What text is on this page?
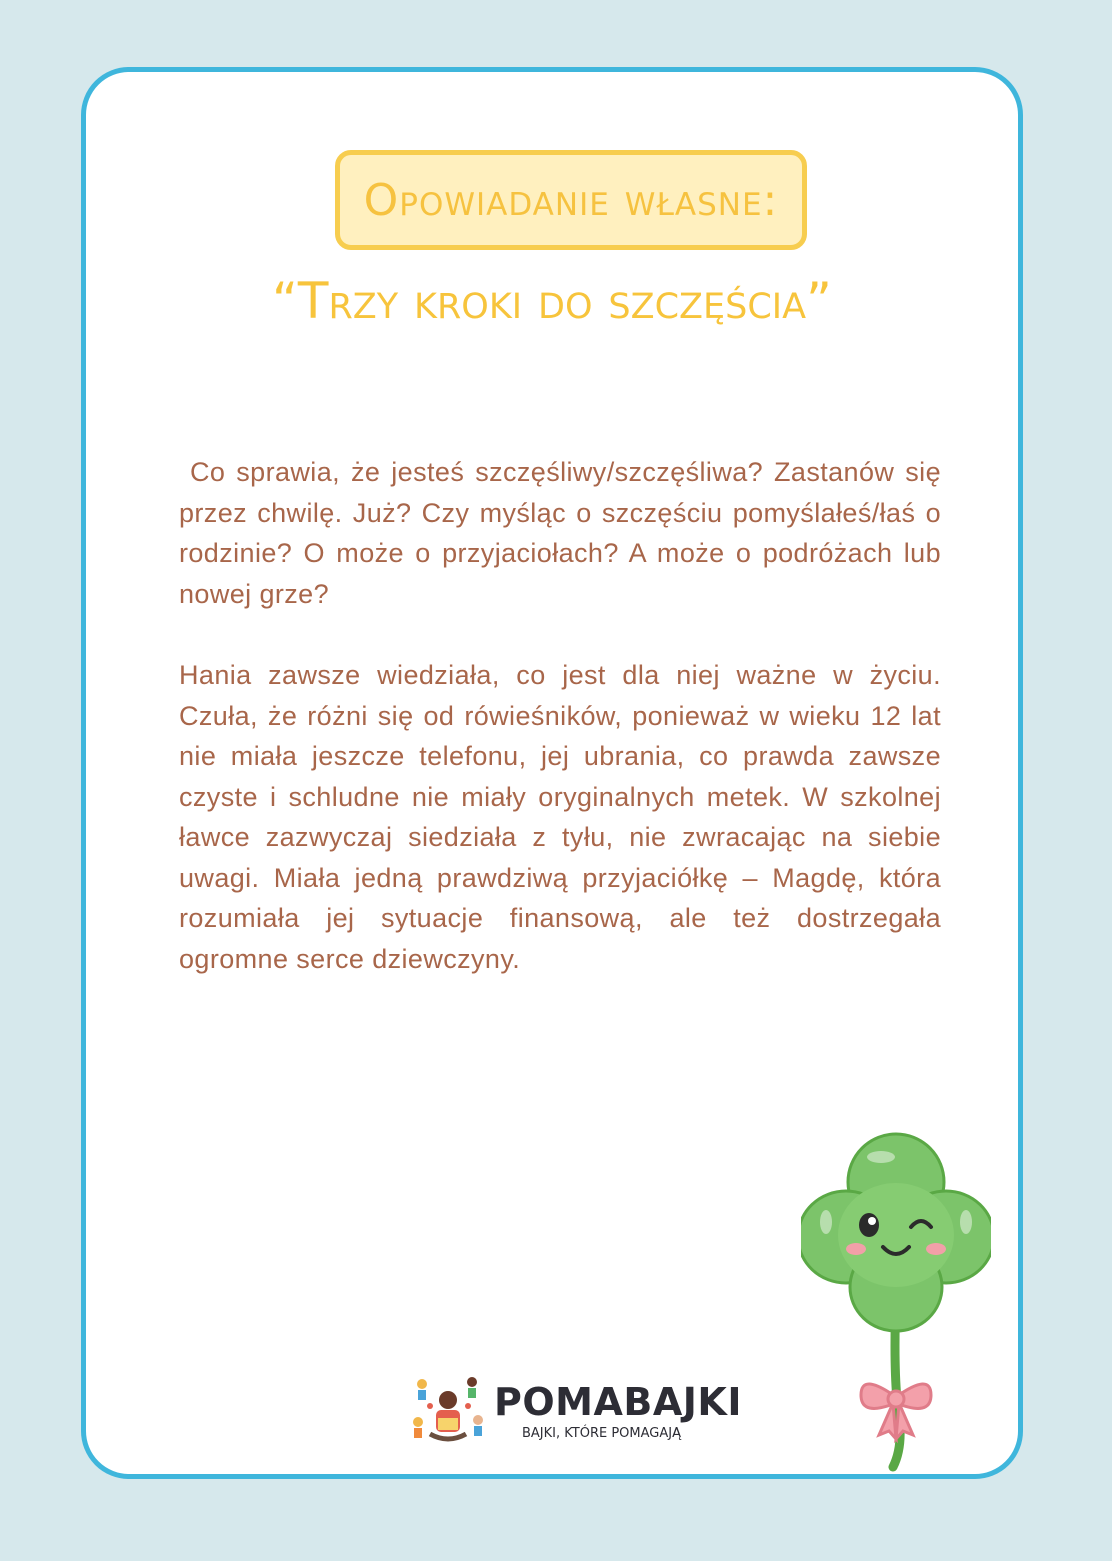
Opowiadanie własne:
“Trzy kroki do szczęścia”

Co sprawia, że jesteś szczęśliwy/szczęśliwa? Zastanów się przez chwilę. Już? Czy myśląc o szczęściu pomyślałeś/łaś o rodzinie? O może o przyjaciołach? A może o podróżach lub nowej grze?

Hania zawsze wiedziała, co jest dla niej ważne w życiu. Czuła, że różni się od rówieśników, ponieważ w wieku 12 lat nie miała jeszcze telefonu, jej ubrania, co prawda zawsze czyste i schludne nie miały oryginalnych metek. W szkolnej ławce zazwyczaj siedziała z tyłu, nie zwracając na siebie uwagi. Miała jedną prawdziwą przyjaciółkę – Magdę, która rozumiała jej sytuacje finansową, ale też dostrzegała ogromne serce dziewczyny.

POMABAJKI
BAJKI, KTÓRE POMAGAJĄ
